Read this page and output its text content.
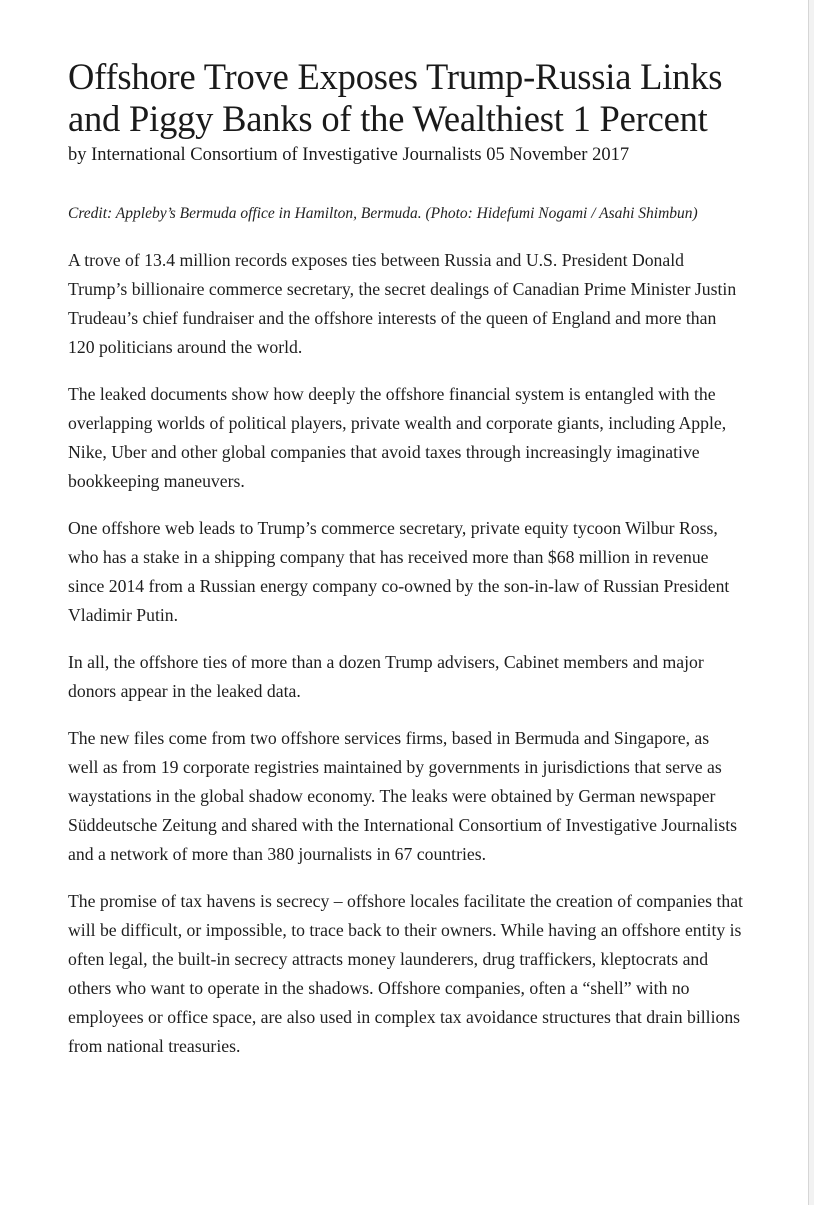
Offshore Trove Exposes Trump-Russia Links and Piggy Banks of the Wealthiest 1 Percent

by International Consortium of Investigative Journalists 05 November 2017

Credit: Appleby’s Bermuda office in Hamilton, Bermuda. (Photo: Hidefumi Nogami / Asahi Shimbun)

A trove of 13.4 million records exposes ties between Russia and U.S. President Donald Trump’s billionaire commerce secretary, the secret dealings of Canadian Prime Minister Justin Trudeau’s chief fundraiser and the offshore interests of the queen of England and more than 120 politicians around the world.

The leaked documents show how deeply the offshore financial system is entangled with the overlapping worlds of political players, private wealth and corporate giants, including Apple, Nike, Uber and other global companies that avoid taxes through increasingly imaginative bookkeeping maneuvers.

One offshore web leads to Trump’s commerce secretary, private equity tycoon Wilbur Ross, who has a stake in a shipping company that has received more than $68 million in revenue since 2014 from a Russian energy company co-owned by the son-in-law of Russian President Vladimir Putin.

In all, the offshore ties of more than a dozen Trump advisers, Cabinet members and major donors appear in the leaked data.

The new files come from two offshore services firms, based in Bermuda and Singapore, as well as from 19 corporate registries maintained by governments in jurisdictions that serve as waystations in the global shadow economy. The leaks were obtained by German newspaper Süddeutsche Zeitung and shared with the International Consortium of Investigative Journalists and a network of more than 380 journalists in 67 countries.

The promise of tax havens is secrecy – offshore locales facilitate the creation of companies that will be difficult, or impossible, to trace back to their owners. While having an offshore entity is often legal, the built-in secrecy attracts money launderers, drug traffickers, kleptocrats and others who want to operate in the shadows. Offshore companies, often a “shell” with no employees or office space, are also used in complex tax avoidance structures that drain billions from national treasuries.
